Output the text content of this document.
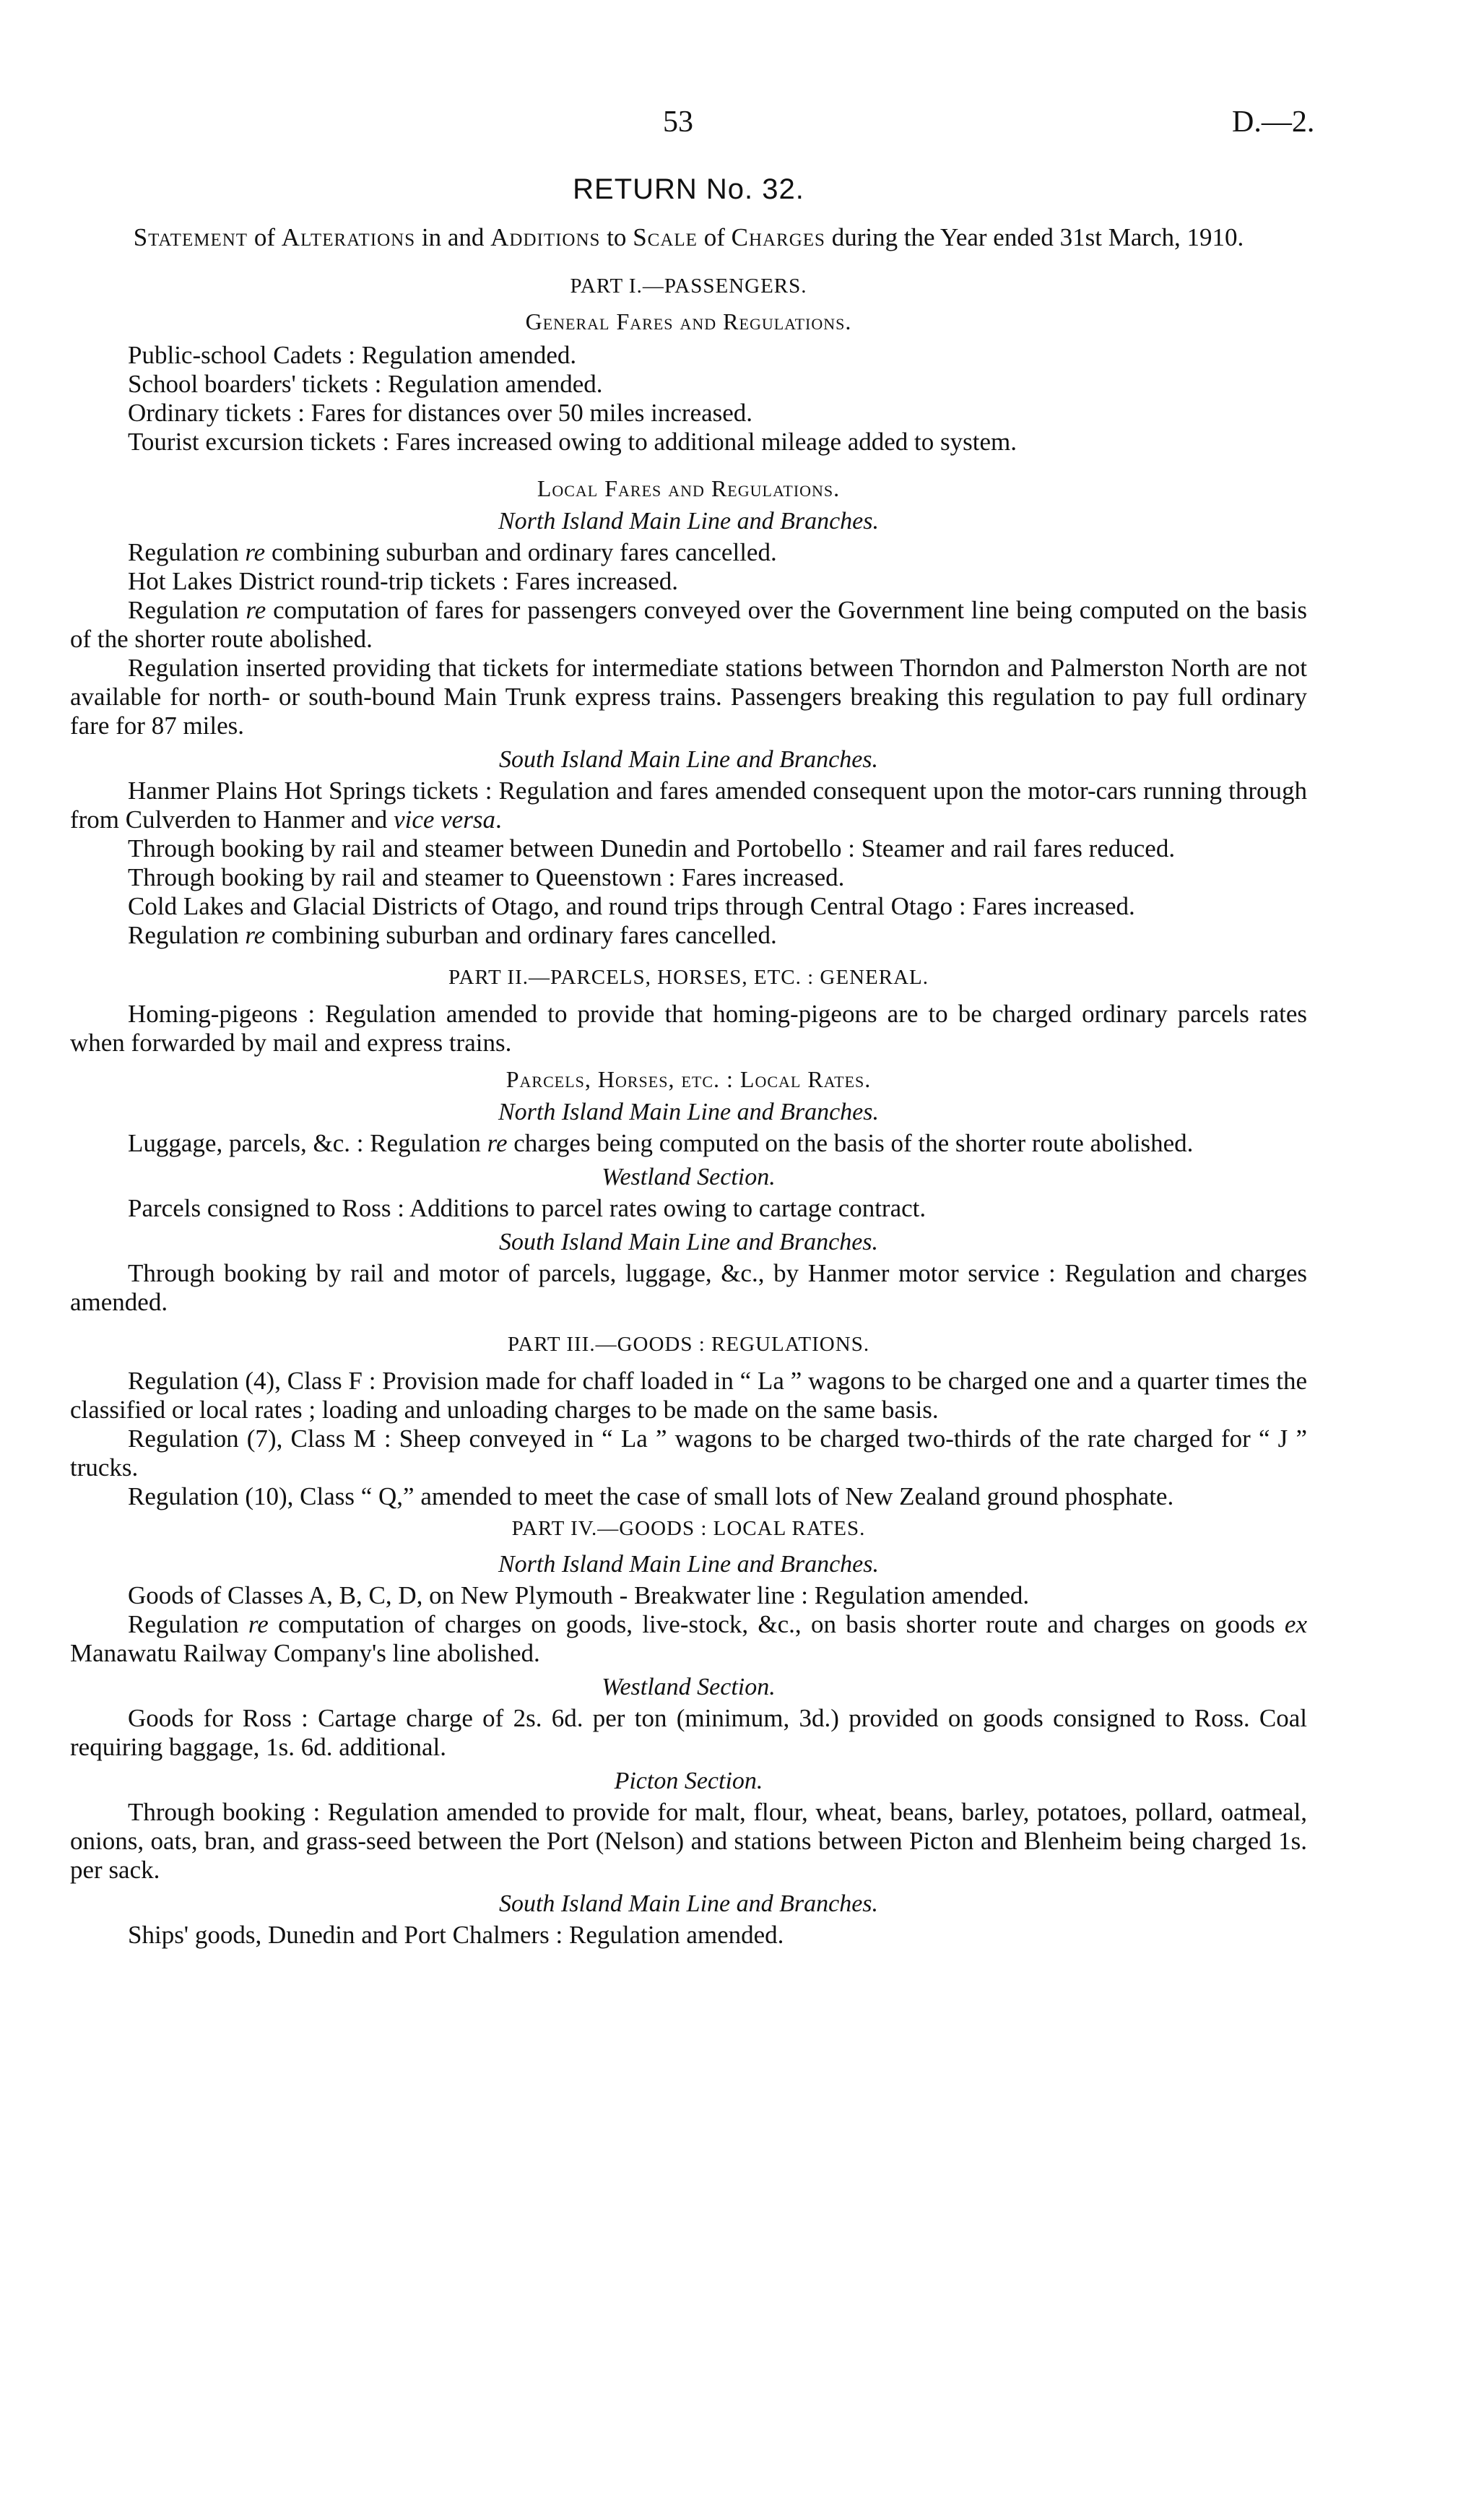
53	D.—2.
RETURN No. 32.
Statement of Alterations in and Additions to Scale of Charges during the Year ended 31st March, 1910.
PART I.—PASSENGERS.
General Fares and Regulations.

Public-school Cadets : Regulation amended.

School boarders' tickets : Regulation amended.

Ordinary tickets : Fares for distances over 50 miles increased.

Tourist excursion tickets : Fares increased owing to additional mileage added to system.

Local Fares and Regulations.
North Island Main Line and Branches.

Regulation re combining suburban and ordinary fares cancelled.

Hot Lakes District round-trip tickets : Fares increased.

Regulation re computation of fares for passengers conveyed over the Government line being computed on the basis of the shorter route abolished.

Regulation inserted providing that tickets for intermediate stations between Thorndon and Palmerston North are not available for north- or south-bound Main Trunk express trains. Passengers breaking this regulation to pay full ordinary fare for 87 miles.

South Island Main Line and Branches.

Hanmer Plains Hot Springs tickets : Regulation and fares amended consequent upon the motor-cars running through from Culverden to Hanmer and vice versa.

Through booking by rail and steamer between Dunedin and Portobello : Steamer and rail fares reduced.

Through booking by rail and steamer to Queenstown : Fares increased.

Cold Lakes and Glacial Districts of Otago, and round trips through Central Otago : Fares increased.

Regulation re combining suburban and ordinary fares cancelled.

PART II.—PARCELS, HORSES, ETC. : GENERAL.

Homing-pigeons : Regulation amended to provide that homing-pigeons are to be charged ordinary parcels rates when forwarded by mail and express trains.

Parcels, Horses, etc. : Local Rates.
North Island Main Line and Branches.

Luggage, parcels, &c. : Regulation re charges being computed on the basis of the shorter route abolished.

Westland Section.

Parcels consigned to Ross : Additions to parcel rates owing to cartage contract.

South Island Main Line and Branches.

Through booking by rail and motor of parcels, luggage, &c., by Hanmer motor service : Regulation and charges amended.

PART III.—GOODS : REGULATIONS.

Regulation (4), Class F : Provision made for chaff loaded in “ La ” wagons to be charged one and a quarter times the classified or local rates ; loading and unloading charges to be made on the same basis.

Regulation (7), Class M : Sheep conveyed in “ La ” wagons to be charged two-thirds of the rate charged for “ J ” trucks.

Regulation (10), Class “ Q,” amended to meet the case of small lots of New Zealand ground phosphate.

PART IV.—GOODS : LOCAL RATES.
North Island Main Line and Branches.

Goods of Classes A, B, C, D, on New Plymouth - Breakwater line : Regulation amended.

Regulation re computation of charges on goods, live-stock, &c., on basis shorter route and charges on goods ex Manawatu Railway Company's line abolished.

Westland Section.

Goods for Ross : Cartage charge of 2s. 6d. per ton (minimum, 3d.) provided on goods consigned to Ross. Coal requiring baggage, 1s. 6d. additional.

Picton Section.

Through booking : Regulation amended to provide for malt, flour, wheat, beans, barley, potatoes, pollard, oatmeal, onions, oats, bran, and grass-seed between the Port (Nelson) and stations between Picton and Blenheim being charged 1s. per sack.

South Island Main Line and Branches.

Ships' goods, Dunedin and Port Chalmers : Regulation amended.
